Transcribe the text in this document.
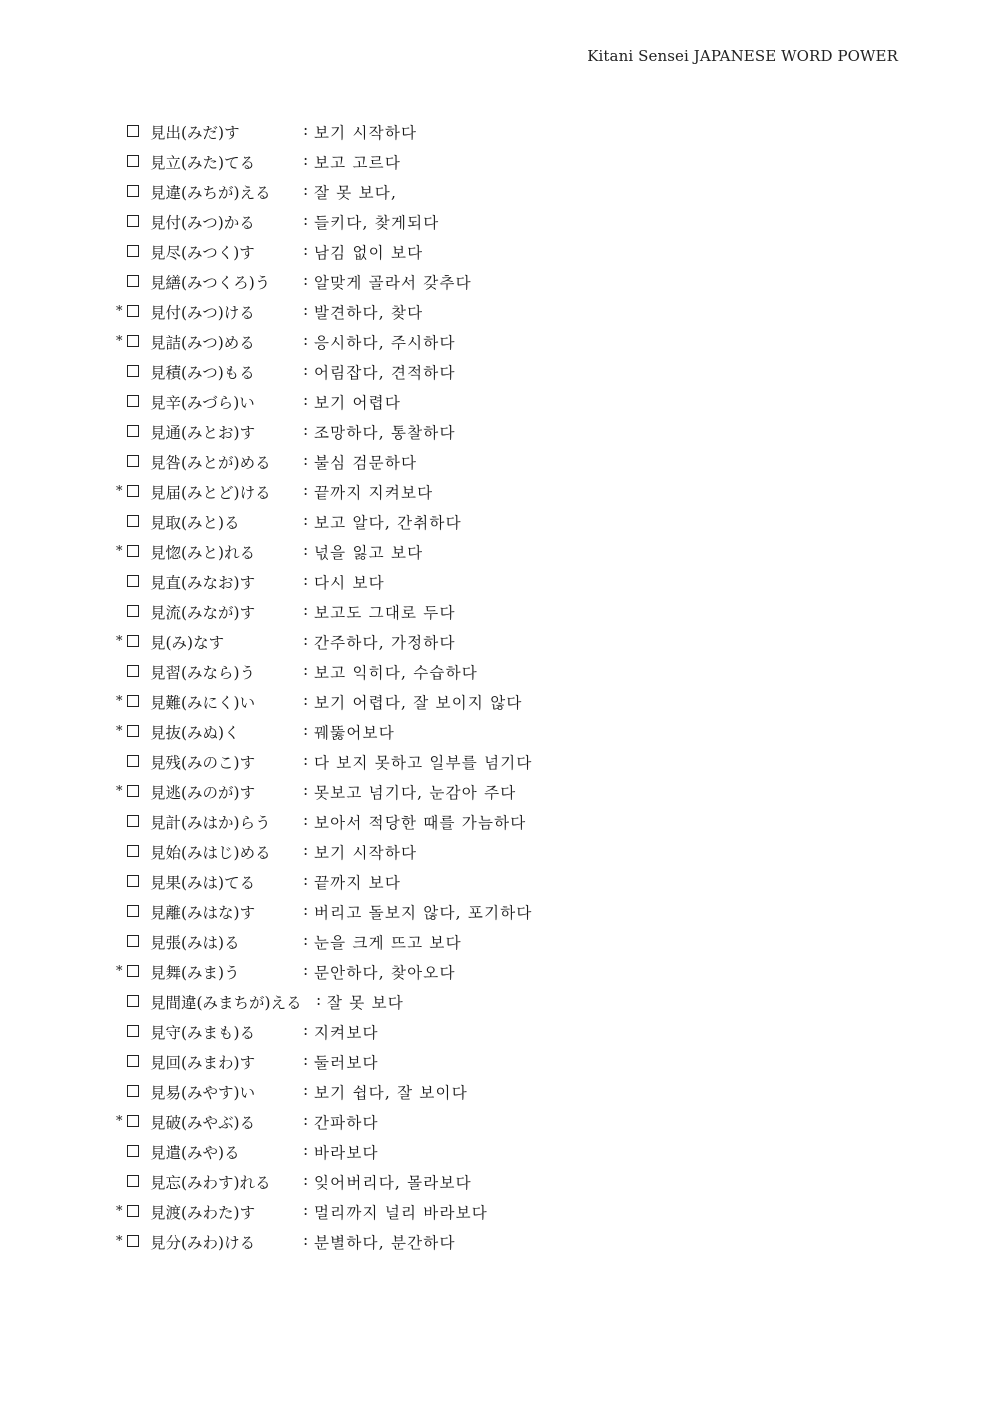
Kitani Sensei JAPANESE WORD POWER
見出(みだ)す	: 보기 시작하다
見立(みた)てる	: 보고 고르다
見違(みちが)える : 잘 못 보다,
見付(みつ)かる	: 들키다, 찾게되다
見尽(みつく)す	: 남김 없이 보다
見繕(みつくろ)う : 알맞게 골라서 갖추다
* 見付(みつ)ける	: 발견하다, 찾다
* 見詰(みつ)める	: 응시하다, 주시하다
見積(みつ)もる	: 어림잡다, 견적하다
見辛(みづら)い	: 보기 어렵다
見通(みとお)す	: 조망하다, 통찰하다
見咎(みとが)める : 불심 검문하다
* 見届(みとど)ける : 끝까지 지켜보다
見取(みと)る	: 보고 알다, 간취하다
* 見惚(みと)れる	: 넋을 잃고 보다
見直(みなお)す	: 다시 보다
見流(みなが)す	: 보고도 그대로 두다
* 見(み)なす	: 간주하다, 가정하다
見習(みなら)う	: 보고 익히다, 수습하다
* 見難(みにく)い	: 보기 어렵다, 잘 보이지 않다
* 見抜(みぬ)く	: 꿰뚫어보다
見残(みのこ)す	: 다 보지 못하고 일부를 넘기다
* 見逃(みのが)す	: 못보고 넘기다, 눈감아 주다
見計(みはか)らう : 보아서 적당한 때를 가늠하다
見始(みはじ)める : 보기 시작하다
見果(みは)てる	: 끝까지 보다
見離(みはな)す	: 버리고 돌보지 않다, 포기하다
見張(みは)る	: 눈을 크게 뜨고 보다
* 見舞(みま)う	: 문안하다, 찾아오다
見間違(みまちが)える : 잘 못 보다
見守(みまも)る	: 지켜보다
見回(みまわ)す	: 둘러보다
見易(みやす)い	: 보기 쉽다, 잘 보이다
* 見破(みやぶ)る	: 간파하다
見遣(みや)る	: 바라보다
見忘(みわす)れる : 잊어버리다, 몰라보다
* 見渡(みわた)す	: 멀리까지 널리 바라보다
* 見分(みわ)ける	: 분별하다, 분간하다
